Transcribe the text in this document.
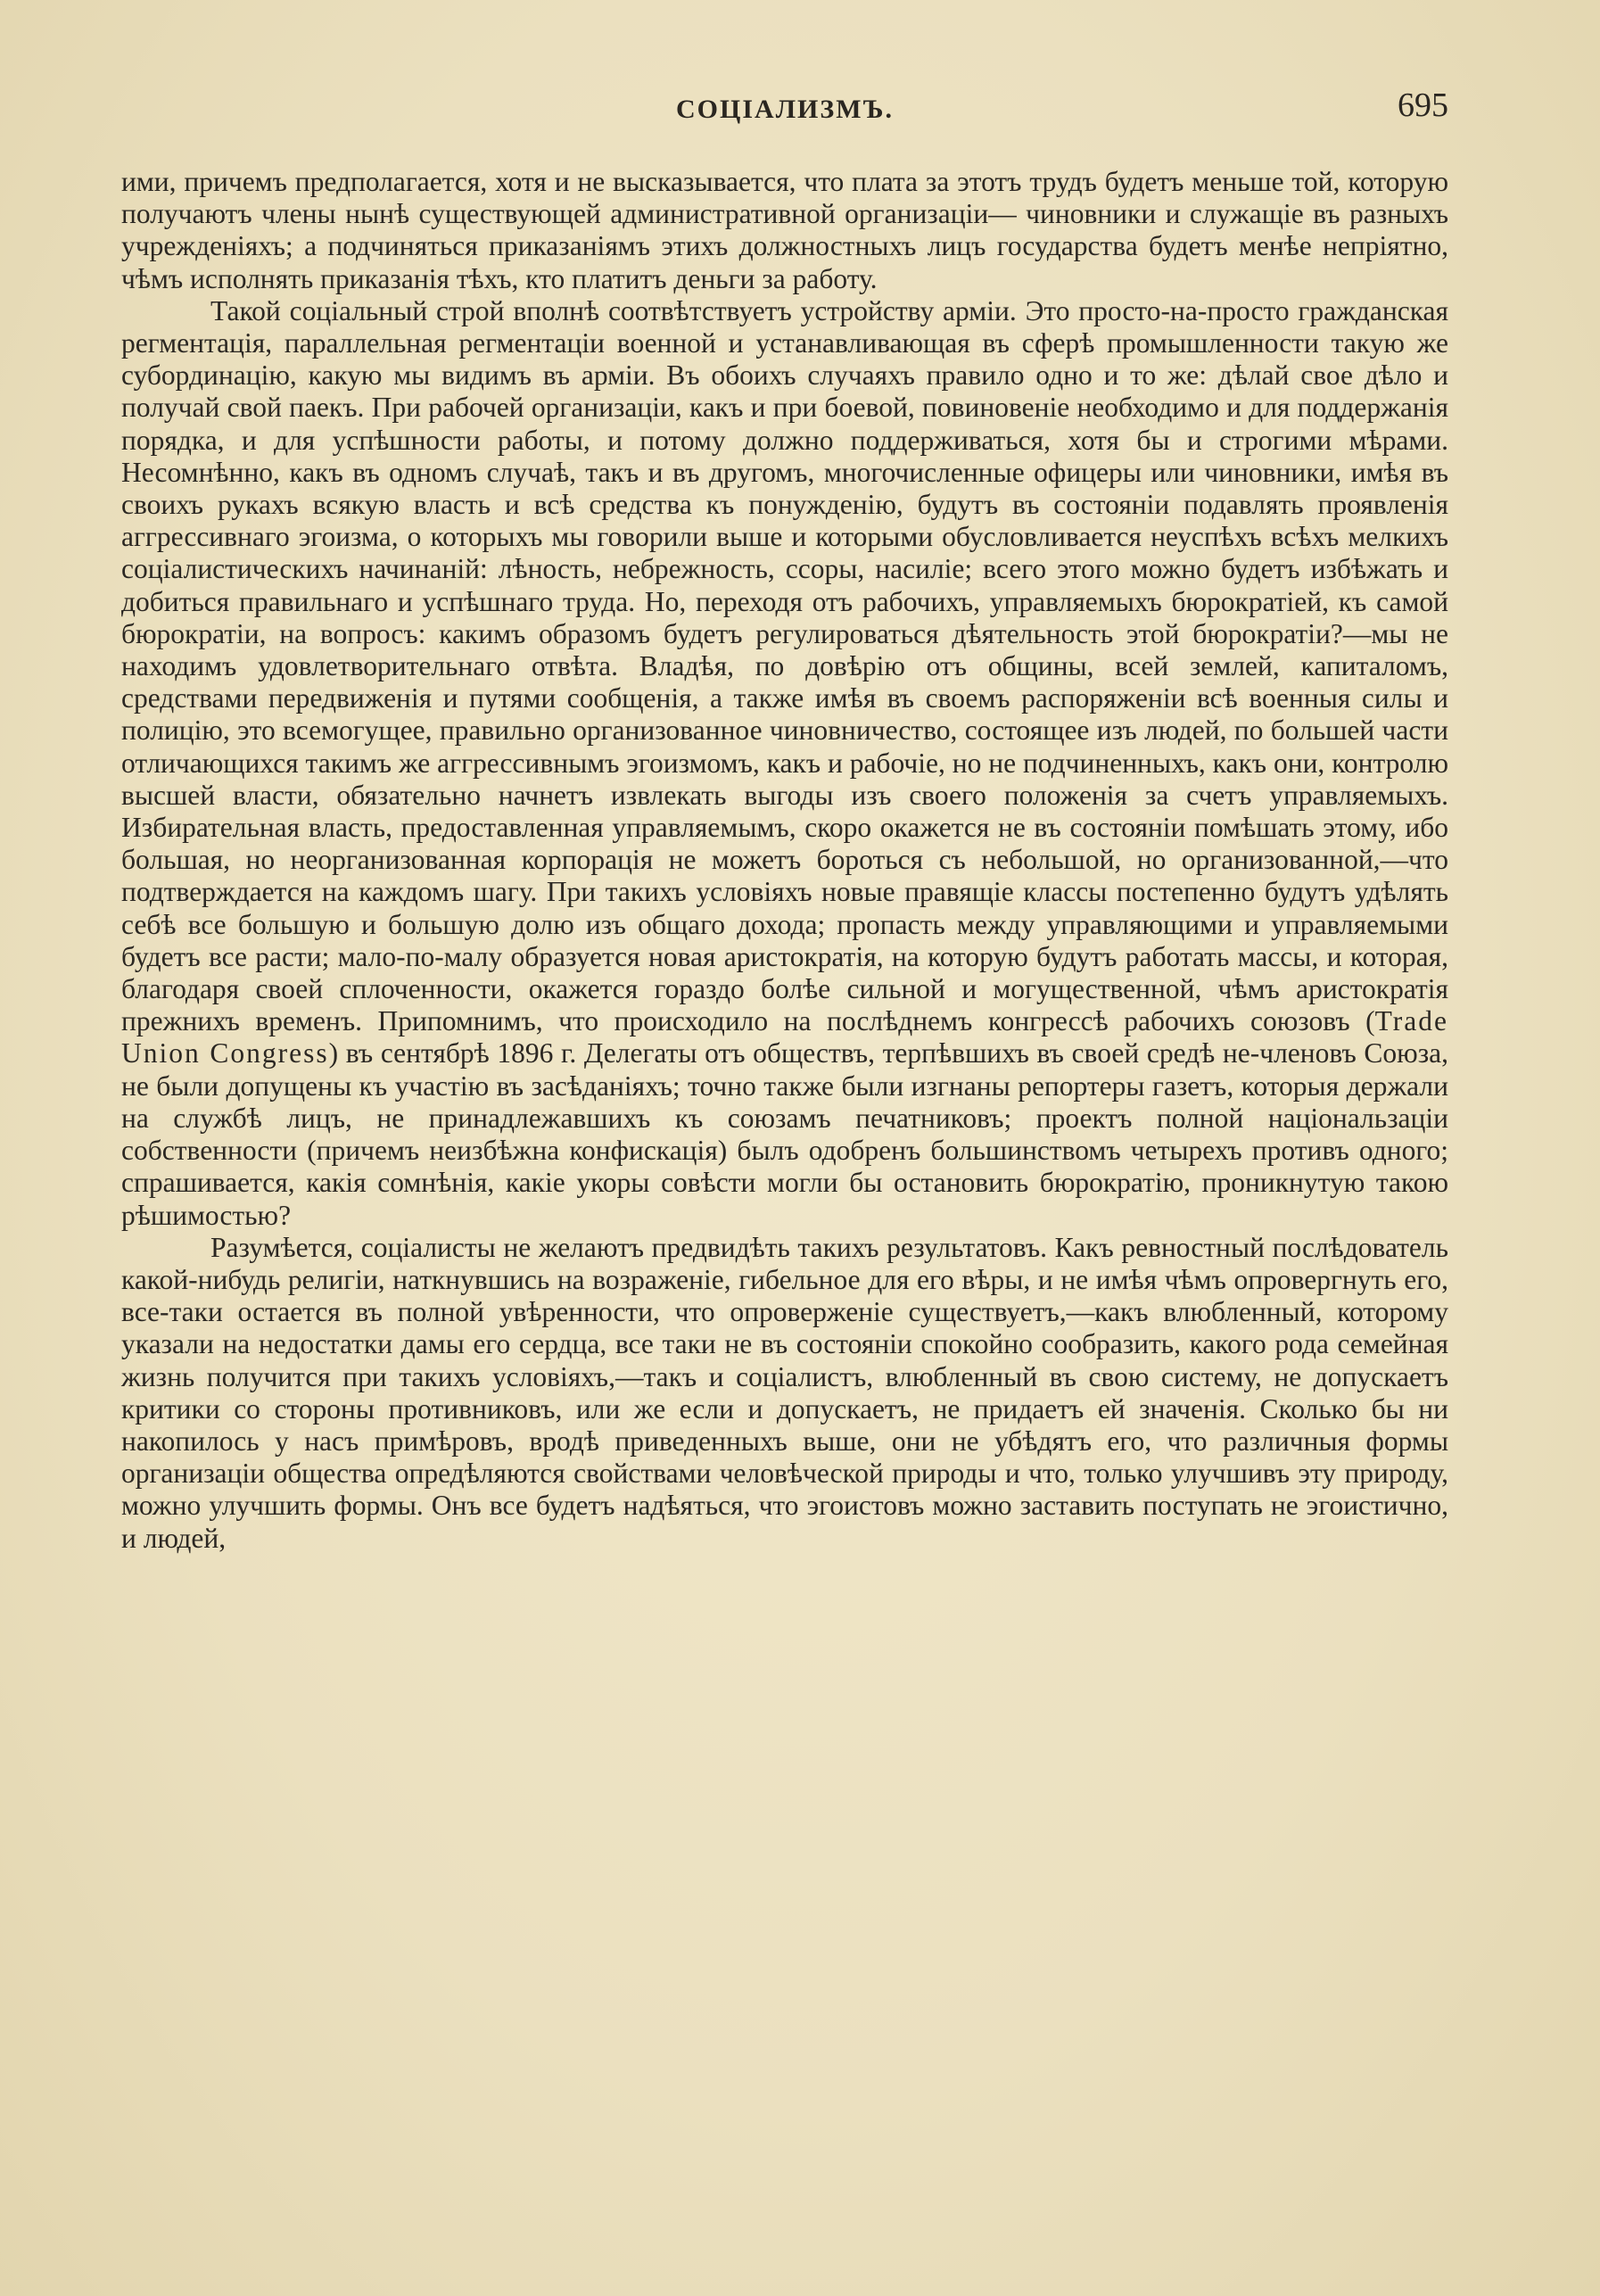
СОЦІАЛИЗМЪ.	695

ими, причемъ предполагается, хотя и не высказывается, что плата за этотъ трудъ будетъ меньше той, которую получаютъ члены нынѣ существующей административной организаціи— чиновники и служащіе въ разныхъ учрежденіяхъ; а подчиняться приказаніямъ этихъ должностныхъ лицъ государства будетъ менѣе непріятно, чѣмъ исполнять приказанія тѣхъ, кто платитъ деньги за работу.

Такой соціальный строй вполнѣ соотвѣтствуетъ устройству арміи. Это просто-на-просто гражданская регментація, параллельная регментаціи военной и устанавливающая въ сферѣ промышленности такую же субординацію, какую мы видимъ въ арміи. Въ обоихъ случаяхъ правило одно и то же: дѣлай свое дѣло и получай свой паекъ. При рабочей организаціи, какъ и при боевой, повиновеніе необходимо и для поддержанія порядка, и для успѣшности работы, и потому должно поддерживаться, хотя бы и строгими мѣрами. Несомнѣнно, какъ въ одномъ случаѣ, такъ и въ другомъ, многочисленные офицеры или чиновники, имѣя въ своихъ рукахъ всякую власть и всѣ средства къ понужденію, будутъ въ состояніи подавлять проявленія аггрессивнаго эгоизма, о которыхъ мы говорили выше и которыми обусловливается неуспѣхъ всѣхъ мелкихъ соціалистическихъ начинаній: лѣность, небрежность, ссоры, насиліе; всего этого можно будетъ избѣжать и добиться правильнаго и успѣшнаго труда. Но, переходя отъ рабочихъ, управляемыхъ бюрократіей, къ самой бюрократіи, на вопросъ: какимъ образомъ будетъ регулироваться дѣятельность этой бюрократіи?—мы не находимъ удовлетворительнаго отвѣта. Владѣя, по довѣрію отъ общины, всей землей, капиталомъ, средствами передвиженія и путями сообщенія, а также имѣя въ своемъ распоряженіи всѣ военныя силы и полицію, это всемогущее, правильно организованное чиновничество, состоящее изъ людей, по большей части отличающихся такимъ же аггрессивнымъ эгоизмомъ, какъ и рабочіе, но не подчиненныхъ, какъ они, контролю высшей власти, обязательно начнетъ извлекать выгоды изъ своего положенія за счетъ управляемыхъ. Избирательная власть, предоставленная управляемымъ, скоро окажется не въ состояніи помѣшать этому, ибо большая, но неорганизованная корпорація не можетъ бороться съ небольшой, но организованной,—что подтверждается на каждомъ шагу. При такихъ условіяхъ новые правящіе классы постепенно будутъ удѣлять себѣ все большую и большую долю изъ общаго дохода; пропасть между управляющими и управляемыми будетъ все расти; мало-по-малу образуется новая аристократія, на которую будутъ работать массы, и которая, благодаря своей сплоченности, окажется гораздо болѣе сильной и могущественной, чѣмъ аристократія прежнихъ временъ. Припомнимъ, что происходило на послѣднемъ конгрессѣ рабочихъ союзовъ (Trade Union Congress) въ сентябрѣ 1896 г. Делегаты отъ обществъ, терпѣвшихъ въ своей средѣ не-членовъ Союза, не были допущены къ участію въ засѣданіяхъ; точно также были изгнаны репортеры газетъ, которыя держали на службѣ лицъ, не принадлежавшихъ къ союзамъ печатниковъ; проектъ полной національзаціи собственности (причемъ неизбѣжна конфискація) былъ одобренъ большинствомъ четырехъ противъ одного; спрашивается, какія сомнѣнія, какіе укоры совѣсти могли бы остановить бюрократію, проникнутую такою рѣшимостью?

Разумѣется, соціалисты не желаютъ предвидѣть такихъ результатовъ. Какъ ревностный послѣдователь какой-нибудь религіи, наткнувшись на возраженіе, гибельное для его вѣры, и не имѣя чѣмъ опровергнуть его, все-таки остается въ полной увѣренности, что опроверженіе существуетъ,—какъ влюбленный, которому указали на недостатки дамы его сердца, все таки не въ состояніи спокойно сообразить, какого рода семейная жизнь получится при такихъ условіяхъ,—такъ и соціалистъ, влюбленный въ свою систему, не допускаетъ критики со стороны противниковъ, или же если и допускаетъ, не придаетъ ей значенія. Сколько бы ни накопилось у насъ примѣровъ, вродѣ приведенныхъ выше, они не убѣдятъ его, что различныя формы организаціи общества опредѣляются свойствами человѣческой природы и что, только улучшивъ эту природу, можно улучшить формы. Онъ все будетъ надѣяться, что эгоистовъ можно заставить поступать не эгоистично, и людей,
